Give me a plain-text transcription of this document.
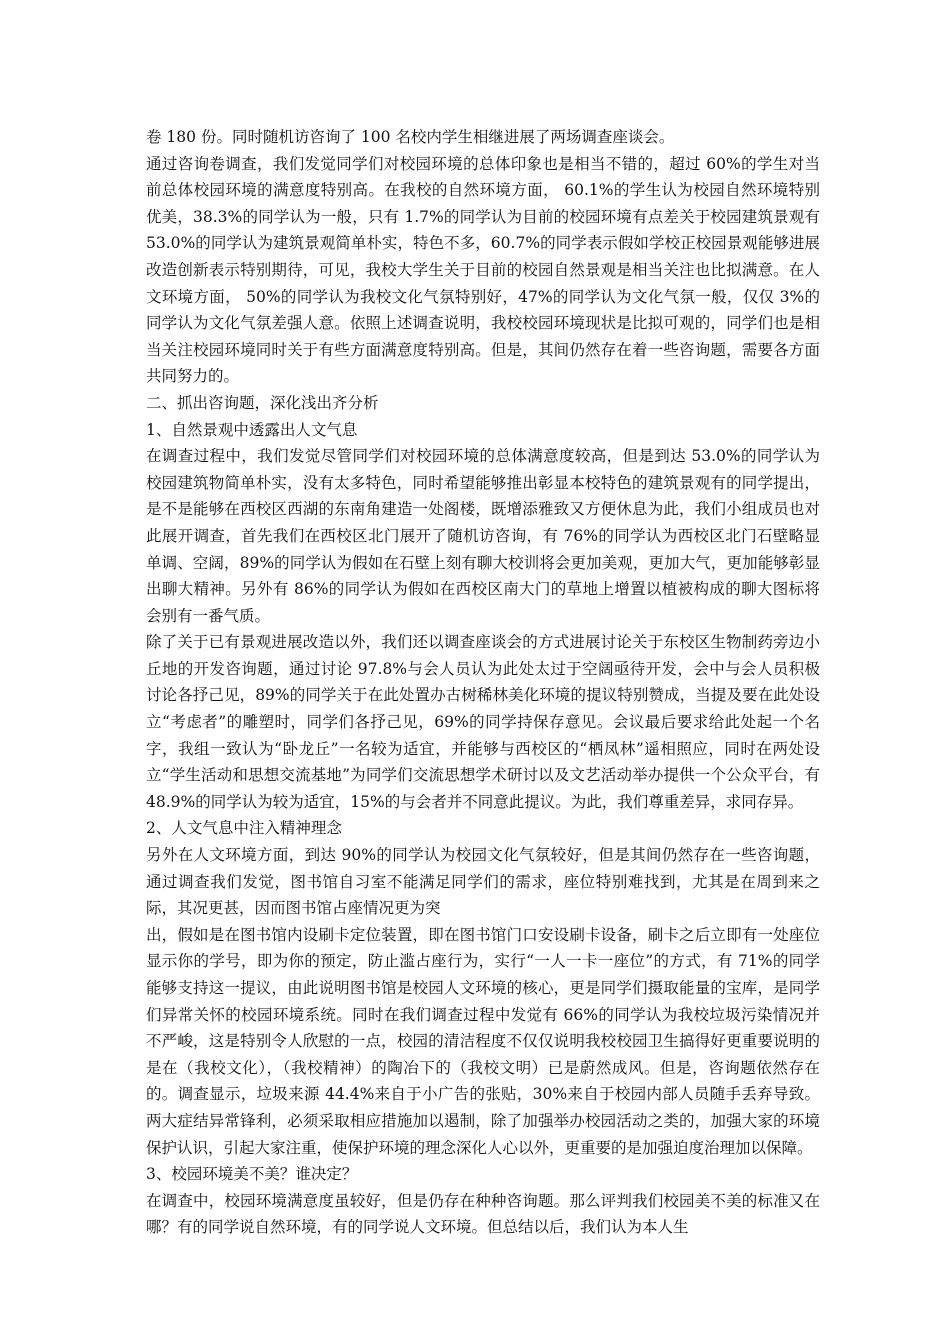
卷 180 份。同时随机访咨询了 100 名校内学生相继进展了两场调查座谈会。

通过咨询卷调查，我们发觉同学们对校园环境的总体印象也是相当不错的，超过 60%的学生对当前总体校园环境的满意度特别高。在我校的自然环境方面， 60.1%的学生认为校园自然环境特别优美，38.3%的同学认为一般，只有 1.7%的同学认为目前的校园环境有点差关于校园建筑景观有 53.0%的同学认为建筑景观简单朴实，特色不多，60.7%的同学表示假如学校正校园景观能够进展改造创新表示特别期待，可见，我校大学生关于目前的校园自然景观是相当关注也比拟满意。在人文环境方面， 50%的同学认为我校文化气氛特别好，47%的同学认为文化气氛一般，仅仅 3%的同学认为文化气氛差强人意。依照上述调查说明，我校校园环境现状是比拟可观的，同学们也是相当关注校园环境同时关于有些方面满意度特别高。但是，其间仍然存在着一些咨询题，需要各方面共同努力的。

二、抓出咨询题，深化浅出齐分析

1、自然景观中透露出人文气息

在调查过程中，我们发觉尽管同学们对校园环境的总体满意度较高，但是到达 53.0%的同学认为校园建筑物简单朴实，没有太多特色，同时希望能够推出彰显本校特色的建筑景观有的同学提出，是不是能够在西校区西湖的东南角建造一处阁楼，既增添雅致又方便休息为此，我们小组成员也对此展开调查，首先我们在西校区北门展开了随机访咨询，有 76%的同学认为西校区北门石壁略显单调、空阔，89%的同学认为假如在石壁上刻有聊大校训将会更加美观，更加大气，更加能够彰显出聊大精神。另外有 86%的同学认为假如在西校区南大门的草地上增置以植被构成的聊大图标将会别有一番气质。

除了关于已有景观进展改造以外，我们还以调查座谈会的方式进展讨论关于东校区生物制药旁边小丘地的开发咨询题，通过讨论 97.8%与会人员认为此处太过于空阔亟待开发，会中与会人员积极讨论各抒己见，89%的同学关于在此处置办古树稀林美化环境的提议特别赞成，当提及要在此处设立“考虑者”的雕塑时，同学们各抒己见，69%的同学持保存意见。会议最后要求给此处起一个名字，我组一致认为“卧龙丘”一名较为适宜，并能够与西校区的“栖凤林”遥相照应，同时在两处设立“学生活动和思想交流基地”为同学们交流思想学术研讨以及文艺活动举办提供一个公众平台，有 48.9%的同学认为较为适宜，15%的与会者并不同意此提议。为此，我们尊重差异，求同存异。

2、人文气息中注入精神理念

另外在人文环境方面，到达 90%的同学认为校园文化气氛较好，但是其间仍然存在一些咨询题，通过调查我们发觉，图书馆自习室不能满足同学们的需求，座位特别难找到，尤其是在周到来之际，其况更甚，因而图书馆占座情况更为突

出，假如是在图书馆内设刷卡定位装置，即在图书馆门口安设刷卡设备，刷卡之后立即有一处座位显示你的学号，即为你的预定，防止滥占座行为，实行“一人一卡一座位”的方式，有 71%的同学能够支持这一提议，由此说明图书馆是校园人文环境的核心，更是同学们摄取能量的宝库，是同学们异常关怀的校园环境系统。同时在我们调查过程中发觉有 66%的同学认为我校垃圾污染情况并不严峻，这是特别令人欣慰的一点，校园的清洁程度不仅仅说明我校校园卫生搞得好更重要说明的是在（我校文化），（我校精神）的陶冶下的（我校文明）已是蔚然成风。但是，咨询题依然存在的。调查显示，垃圾来源 44.4%来自于小广告的张贴，30%来自于校园内部人员随手丢弃导致。两大症结异常锋利，必须采取相应措施加以遏制，除了加强举办校园活动之类的，加强大家的环境保护认识，引起大家注重，使保护环境的理念深化人心以外，更重要的是加强迫度治理加以保障。

3、校园环境美不美？谁决定？

在调查中，校园环境满意度虽较好，但是仍存在种种咨询题。那么评判我们校园美不美的标准又在哪？有的同学说自然环境，有的同学说人文环境。但总结以后，我们认为本人生
